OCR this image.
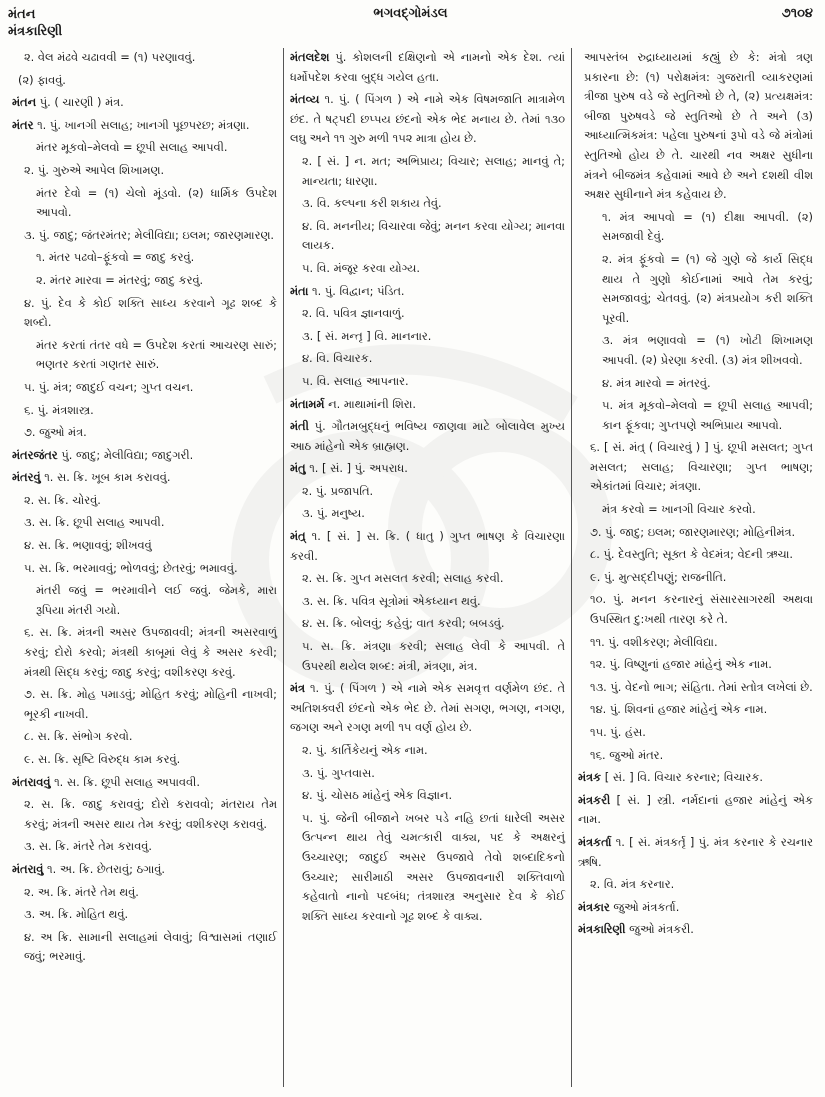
મંતન
મંત્રકારિણી
ભગવદ્ગોમંડલ	૭૧૦૪
૨. વેલ મંઢવે ચઢાવવી = (૧) પરણાવવું.
(૨) ફાવવું.
મંતન પું. ( ચારણી ) મંત્ર.
મંતર ૧. પું. ખાનગી સલાહ; ખાનગી પૂછપરછ; મંત્રણા.
મંતર મૂકવો–મેલવો = છૂપી સલાહ આપવી.
૨. પું. ગુરુએ આપેલ શિખામણ.
મંતર દેવો = (૧) ચેલો મૂંડવો. (૨) ધાર્મિક ઉપદેશ આપવો.
૩. પું. જાદુ; જંતરમંતર; મેલીવિદ્યા; ઇલમ; જારણમારણ.
૧. મંતર પઢવો–ફૂંકવો = જાદુ કરવું.
૨. મંતર મારવા = મંતરવું; જાદુ કરવું.
૪. પું. દેવ કે કોઈ શક્તિ સાધ્ય કરવાને ગૂઢ શબ્દ કે શબ્દો.
મંતર કરતાં તંતર વધે = ઉપદેશ કરતાં આચરણ સારું; ભણતર કરતાં ગણતર સારું.
૫. પું. મંત્ર; જાદુઈ વચન; ગુપ્ત વચન.
૬. પું. મંત્રશાસ્ત્ર.
૭. જુઓ મંત્ર.
મંતરજંતર પું. જાદુ; મેલીવિદ્યા; જાદુગરી.
મંતરવું ૧. સ. ક્રિ. ખૂબ કામ કરાવવું.
૨. સ. ક્રિ. ચોરવું.
૩. સ. ક્રિ. છૂપી સલાહ આપવી.
૪. સ. ક્રિ. ભણાવવું; શીખવવું
૫. સ. ક્રિ. ભરમાવવું; ભોળવવું; છેતરવું; ભમાવવું.
મંતરી જવું = ભરમાવીને લઈ જવું. જેમકે, મારા રૂપિયા મંતરી ગયો.
૬. સ. ક્રિ. મંત્રની અસર ઉપજાવવી; મંત્રની અસરવાળું કરવું; દોરો કરવો; મંત્રથી કાબૂમાં લેવું કે અસર કરવી; મંત્રથી સિદ્ધ કરવું; જાદુ કરવું; વશીકરણ કરવું.
૭. સ. ક્રિ. મોહ પમાડવું; મોહિત કરવું; મોહિની નાખવી; ભૂરકી નાખવી.
૮. સ. ક્રિ. સંભોગ કરવો.
૯. સ. ક્રિ. સૃષ્ટિ વિરુદ્ધ કામ કરવું.
મંતરાવવું ૧. સ. ક્રિ. છૂપી સલાહ અપાવવી.
૨. સ. ક્રિ. જાદુ કરાવવું; દોરો કરાવવો; મંતરાય તેમ કરવું; મંત્રની અસર થાય તેમ કરવું; વશીકરણ કરાવવું.
૩. સ. ક્રિ. મંતરે તેમ કરાવવું.
મંતરાવું ૧. અ. ક્રિ. છેતરાવું; ઠગાવું.
૨. અ. ક્રિ. મંતરે તેમ થવું.
૩. અ. ક્રિ. મોહિત થવું.
૪. અ ક્રિ. સામાની સલાહમાં લેવાવું; વિશ્વાસમાં તણાઈ જવું; ભરમાવું.
મંતલદેશ પું. કોશલની દક્ષિણનો એ નામનો એક દેશ. ત્યાં ધર્મોપદેશ કરવા બુદ્ધ ગયેલ હતા.
મંતવ્ય ૧. પું. ( પિંગળ ) એ નામે એક વિષમજાતિ માત્રામેળ છંદ. તે ષટ્પદી છપ્પય છંદનો એક ભેદ મનાય છે. તેમાં ૧૩૦ લઘુ અને ૧૧ ગુરુ મળી ૧૫૨ માત્રા હોય છે.
૨. [ સં. ] ન. મત; અભિપ્રાય; વિચાર; સલાહ; માનવું તે; માન્યતા; ધારણા.
૩. વિ. કલ્પના કરી શકાય તેવું.
૪. વિ. મનનીય; વિચારવા જેવું; મનન કરવા યોગ્ય; માનવા લાયક.
૫. વિ. મંજૂર કરવા યોગ્ય.
મંતા ૧. પું. વિદ્વાન; પંડિત.
૨. વિ. પવિત્ર જ્ઞાનવાળું.
૩. [ સં. મન્તૃ ] વિ. માનનાર.
૪. વિ. વિચારક.
૫. વિ. સલાહ આપનાર.
મંતામર્મ ન. માથામાંની શિરા.
મંતી પું. ગૌતમબુદ્ધનું ભવિષ્ય જાણવા માટે બોલાવેલ મુખ્ય આઠ માંહેનો એક બ્રાહ્મણ.
મંતુ ૧. [ સં. ] પું. અપરાધ.
૨. પું. પ્રજાપતિ.
૩. પું. મનુષ્ય.
મંત્ર્ ૧. [ સં. ] સ. ક્રિ. ( ધાતુ ) ગુપ્ત ભાષણ કે વિચારણા કરવી.
૨. સ. ક્રિ. ગુપ્ત મસલત કરવી; સલાહ કરવી.
૩. સ. ક્રિ. પવિત્ર સૂત્રોમાં એકધ્યાન થવું.
૪. સ. ક્રિ. બોલવું; કહેવું; વાત કરવી; બબડવું.
૫. સ. ક્રિ. મંત્રણા કરવી; સલાહ લેવી કે આપવી. તે ઉપરથી થયેલ શબ્દ: મંત્રી, મંત્રણા, મંત્ર.
મંત્ર ૧. પું. ( પિંગળ ) એ નામે એક સમવૃત્ત વર્ણમેળ છંદ. તે અતિશક્વરી છંદનો એક ભેદ છે. તેમાં સગણ, ભગણ, નગણ, જગણ અને રગણ મળી ૧૫ વર્ણ હોય છે.
૨. પું. કાર્તિકેયનું એક નામ.
૩. પું. ગુપ્તવાસ.
૪. પું. ચોસઠ માંહેનું એક વિજ્ઞાન.
૫. પું. જેની બીજાને ખબર પડે નહિ છતાં ધારેલી અસર ઉત્પન્ન થાય તેવું ચમત્કારી વાક્ય, પદ કે અક્ષરનું ઉચ્ચારણ; જાદુઈ અસર ઉપજાવે તેવો શબ્દાદિકનો ઉચ્ચાર; સારીમાઠી અસર ઉપજાવનારી શક્તિવાળો કહેવાતો નાનો પદબંધ; તંત્રશાસ્ત્ર અનુસાર દેવ કે કોઈ શક્તિ સાધ્ય કરવાનો ગૂઢ શબ્દ કે વાક્ય.
આપસ્તંબ રુદ્રાધ્યાયમાં કહ્યું છે કે: મંત્રો ત્રણ પ્રકારના છે: (૧) પરોક્ષમંત્ર: ગુજરાતી વ્યાકરણમાં ત્રીજા પુરુષ વડે જે સ્તુતિઓ છે તે, (૨) પ્રત્યક્ષમંત્ર: બીજા પુરુષવડે જે સ્તુતિઓ છે તે અને (૩) આધ્યાત્મિકમંત્ર: પહેલા પુરુષનાં રૂપો વડે જે મંત્રોમાં સ્તુતિઓ હોય છે તે. ચારથી નવ અક્ષર સુધીના મંત્રને બીજમંત્ર કહેવામાં આવે છે અને દશથી વીશ અક્ષર સુધીનાને મંત્ર કહેવાય છે.
૧. મંત્ર આપવો = (૧) દીક્ષા આપવી. (૨) સમજાવી દેવું.
૨. મંત્ર ફૂંકવો = (૧) જે ગુણે જે કાર્ય સિદ્ધ થાય તે ગુણો કોઈનામાં આવે તેમ કરવું; સમજાવવું; ચેતવવું. (૨) મંત્રપ્રયોગ કરી શક્તિ પૂરવી.
૩. મંત્ર ભણાવવો = (૧) ખોટી શિખામણ આપવી. (૨) પ્રેરણા કરવી. (૩) મંત્ર શીખવવો.
૪. મંત્ર મારવો = મંતરવું.
૫. મંત્ર મૂકવો–મેલવો = છૂપી સલાહ આપવી; કાન ફૂંકવા; ગુપ્તપણે અભિપ્રાય આપવો.
૬. [ સં. મંત્ર્ ( વિચારવું ) ] પું. છૂપી મસલત; ગુપ્ત મસલત; સલાહ; વિચારણા; ગુપ્ત ભાષણ; એકાંતમાં વિચાર; મંત્રણા.
મંત્ર કરવો = ખાનગી વિચાર કરવો.
૭. પું. જાદુ; ઇલમ; જારણમારણ; મોહિનીમંત્ર.
૮. પું. દેવસ્તુતિ; સૂક્ત કે વેદમંત્ર; વેદની ઋચા.
૯. પું. મુત્સદ્દીપણું; રાજનીતિ.
૧૦. પું. મનન કરનારનું સંસારસાગરથી અથવા ઉપસ્થિત દુ:ખથી તારણ કરે તે.
૧૧. પું. વશીકરણ; મેલીવિદ્યા.
૧૨. પું. વિષ્ણુનાં હજાર માંહેનું એક નામ.
૧૩. પું. વેદનો ભાગ; સંહિતા. તેમાં સ્તોત્ર લખેલાં છે.
૧૪. પું. શિવનાં હજાર માંહેનું એક નામ.
૧૫. પું. હંસ.
૧૬. જુઓ મંતર.
મંત્રક [ સં. ] વિ. વિચાર કરનાર; વિચારક.
મંત્રકરી [ સં. ] સ્ત્રી. નર્મદાનાં હજાર માંહેનું એક નામ.
મંત્રકર્તા ૧. [ સં. મંત્રકર્તૃ ] પું. મંત્ર કરનાર કે રચનાર ઋષિ.
૨. વિ. મંત્ર કરનાર.
મંત્રકાર જુઓ મંત્રકર્તા.
મંત્રકારિણી જુઓ મંત્રકરી.
